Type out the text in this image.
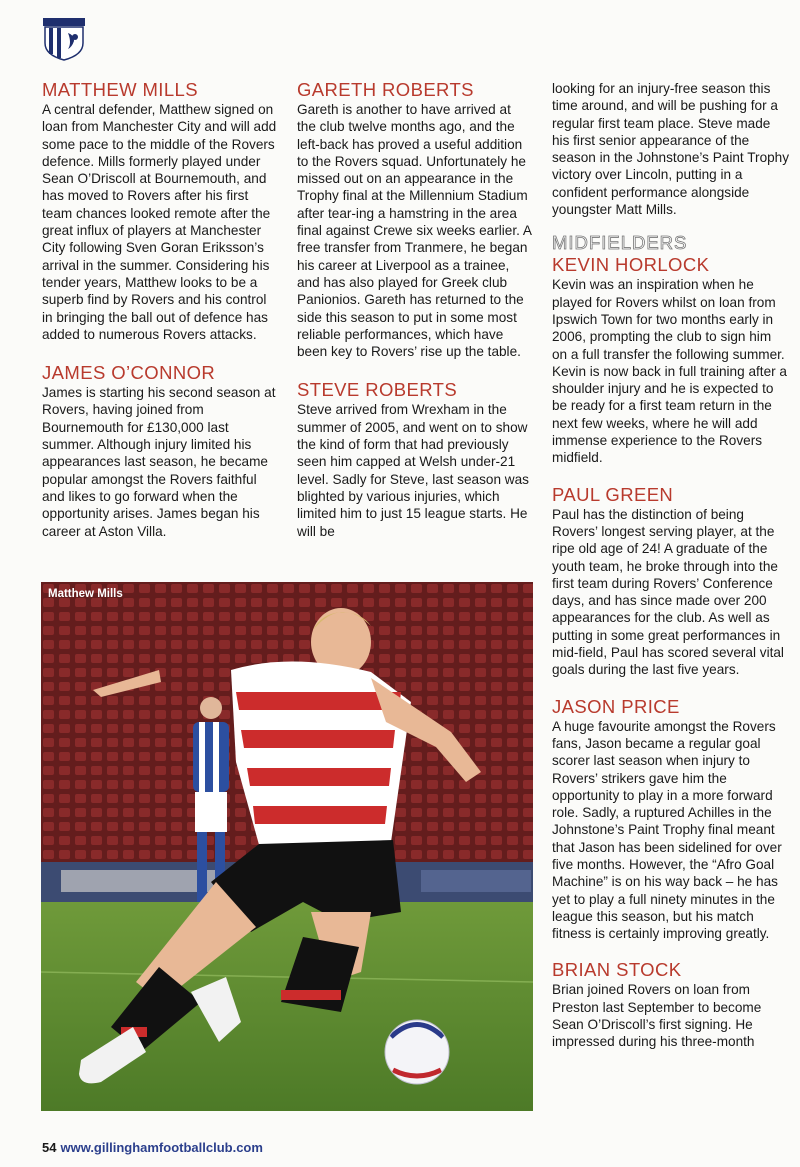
MATTHEW MILLS

A central defender, Matthew signed on loan from Manchester City and will add some pace to the middle of the Rovers defence. Mills formerly played under Sean O’Driscoll at Bournemouth, and has moved to Rovers after his first team chances looked remote after the great influx of players at Manchester City following Sven Goran Eriksson’s arrival in the summer. Considering his tender years, Matthew looks to be a superb find by Rovers and his control in bringing the ball out of defence has added to numerous Rovers attacks.

JAMES O’CONNOR

James is starting his second season at Rovers, having joined from Bournemouth for £130,000 last summer. Although injury limited his appearances last season, he became popular amongst the Rovers faithful and likes to go forward when the opportunity arises. James began his career at Aston Villa.

GARETH ROBERTS

Gareth is another to have arrived at the club twelve months ago, and the left-back has proved a useful addition to the Rovers squad. Unfortunately he missed out on an appearance in the Trophy final at the Millennium Stadium after tear-ing a hamstring in the area final against Crewe six weeks earlier. A free transfer from Tranmere, he began his career at Liverpool as a trainee, and has also played for Greek club Panionios. Gareth has returned to the side this season to put in some most reliable performances, which have been key to Rovers’ rise up the table.

STEVE ROBERTS

Steve arrived from Wrexham in the summer of 2005, and went on to show the kind of form that had previously seen him capped at Welsh under-21 level. Sadly for Steve, last season was blighted by various injuries, which limited him to just 15 league starts. He will be

looking for an injury-free season this time around, and will be pushing for a regular first team place. Steve made his first senior appearance of the season in the Johnstone’s Paint Trophy victory over Lincoln, putting in a confident performance alongside youngster Matt Mills.

MIDFIELDERS
KEVIN HORLOCK

Kevin was an inspiration when he played for Rovers whilst on loan from Ipswich Town for two months early in 2006, prompting the club to sign him on a full transfer the following summer. Kevin is now back in full training after a shoulder injury and he is expected to be ready for a first team return in the next few weeks, where he will add immense experience to the Rovers midfield.

PAUL GREEN

Paul has the distinction of being Rovers’ longest serving player, at the ripe old age of 24! A graduate of the youth team, he broke through into the first team during Rovers’ Conference days, and has since made over 200 appearances for the club. As well as putting in some great performances in mid-field, Paul has scored several vital goals during the last five years.

JASON PRICE

A huge favourite amongst the Rovers fans, Jason became a regular goal scorer last season when injury to Rovers’ strikers gave him the opportunity to play in a more forward role. Sadly, a ruptured Achilles in the Johnstone’s Paint Trophy final meant that Jason has been sidelined for over five months. However, the “Afro Goal Machine” is on his way back – he has yet to play a full ninety minutes in the league this season, but his match fitness is certainly improving greatly.

BRIAN STOCK

Brian joined Rovers on loan from Preston last September to become Sean O’Driscoll’s first signing. He impressed during his three-month

Matthew Mills
54 www.gillinghamfootballclub.com
